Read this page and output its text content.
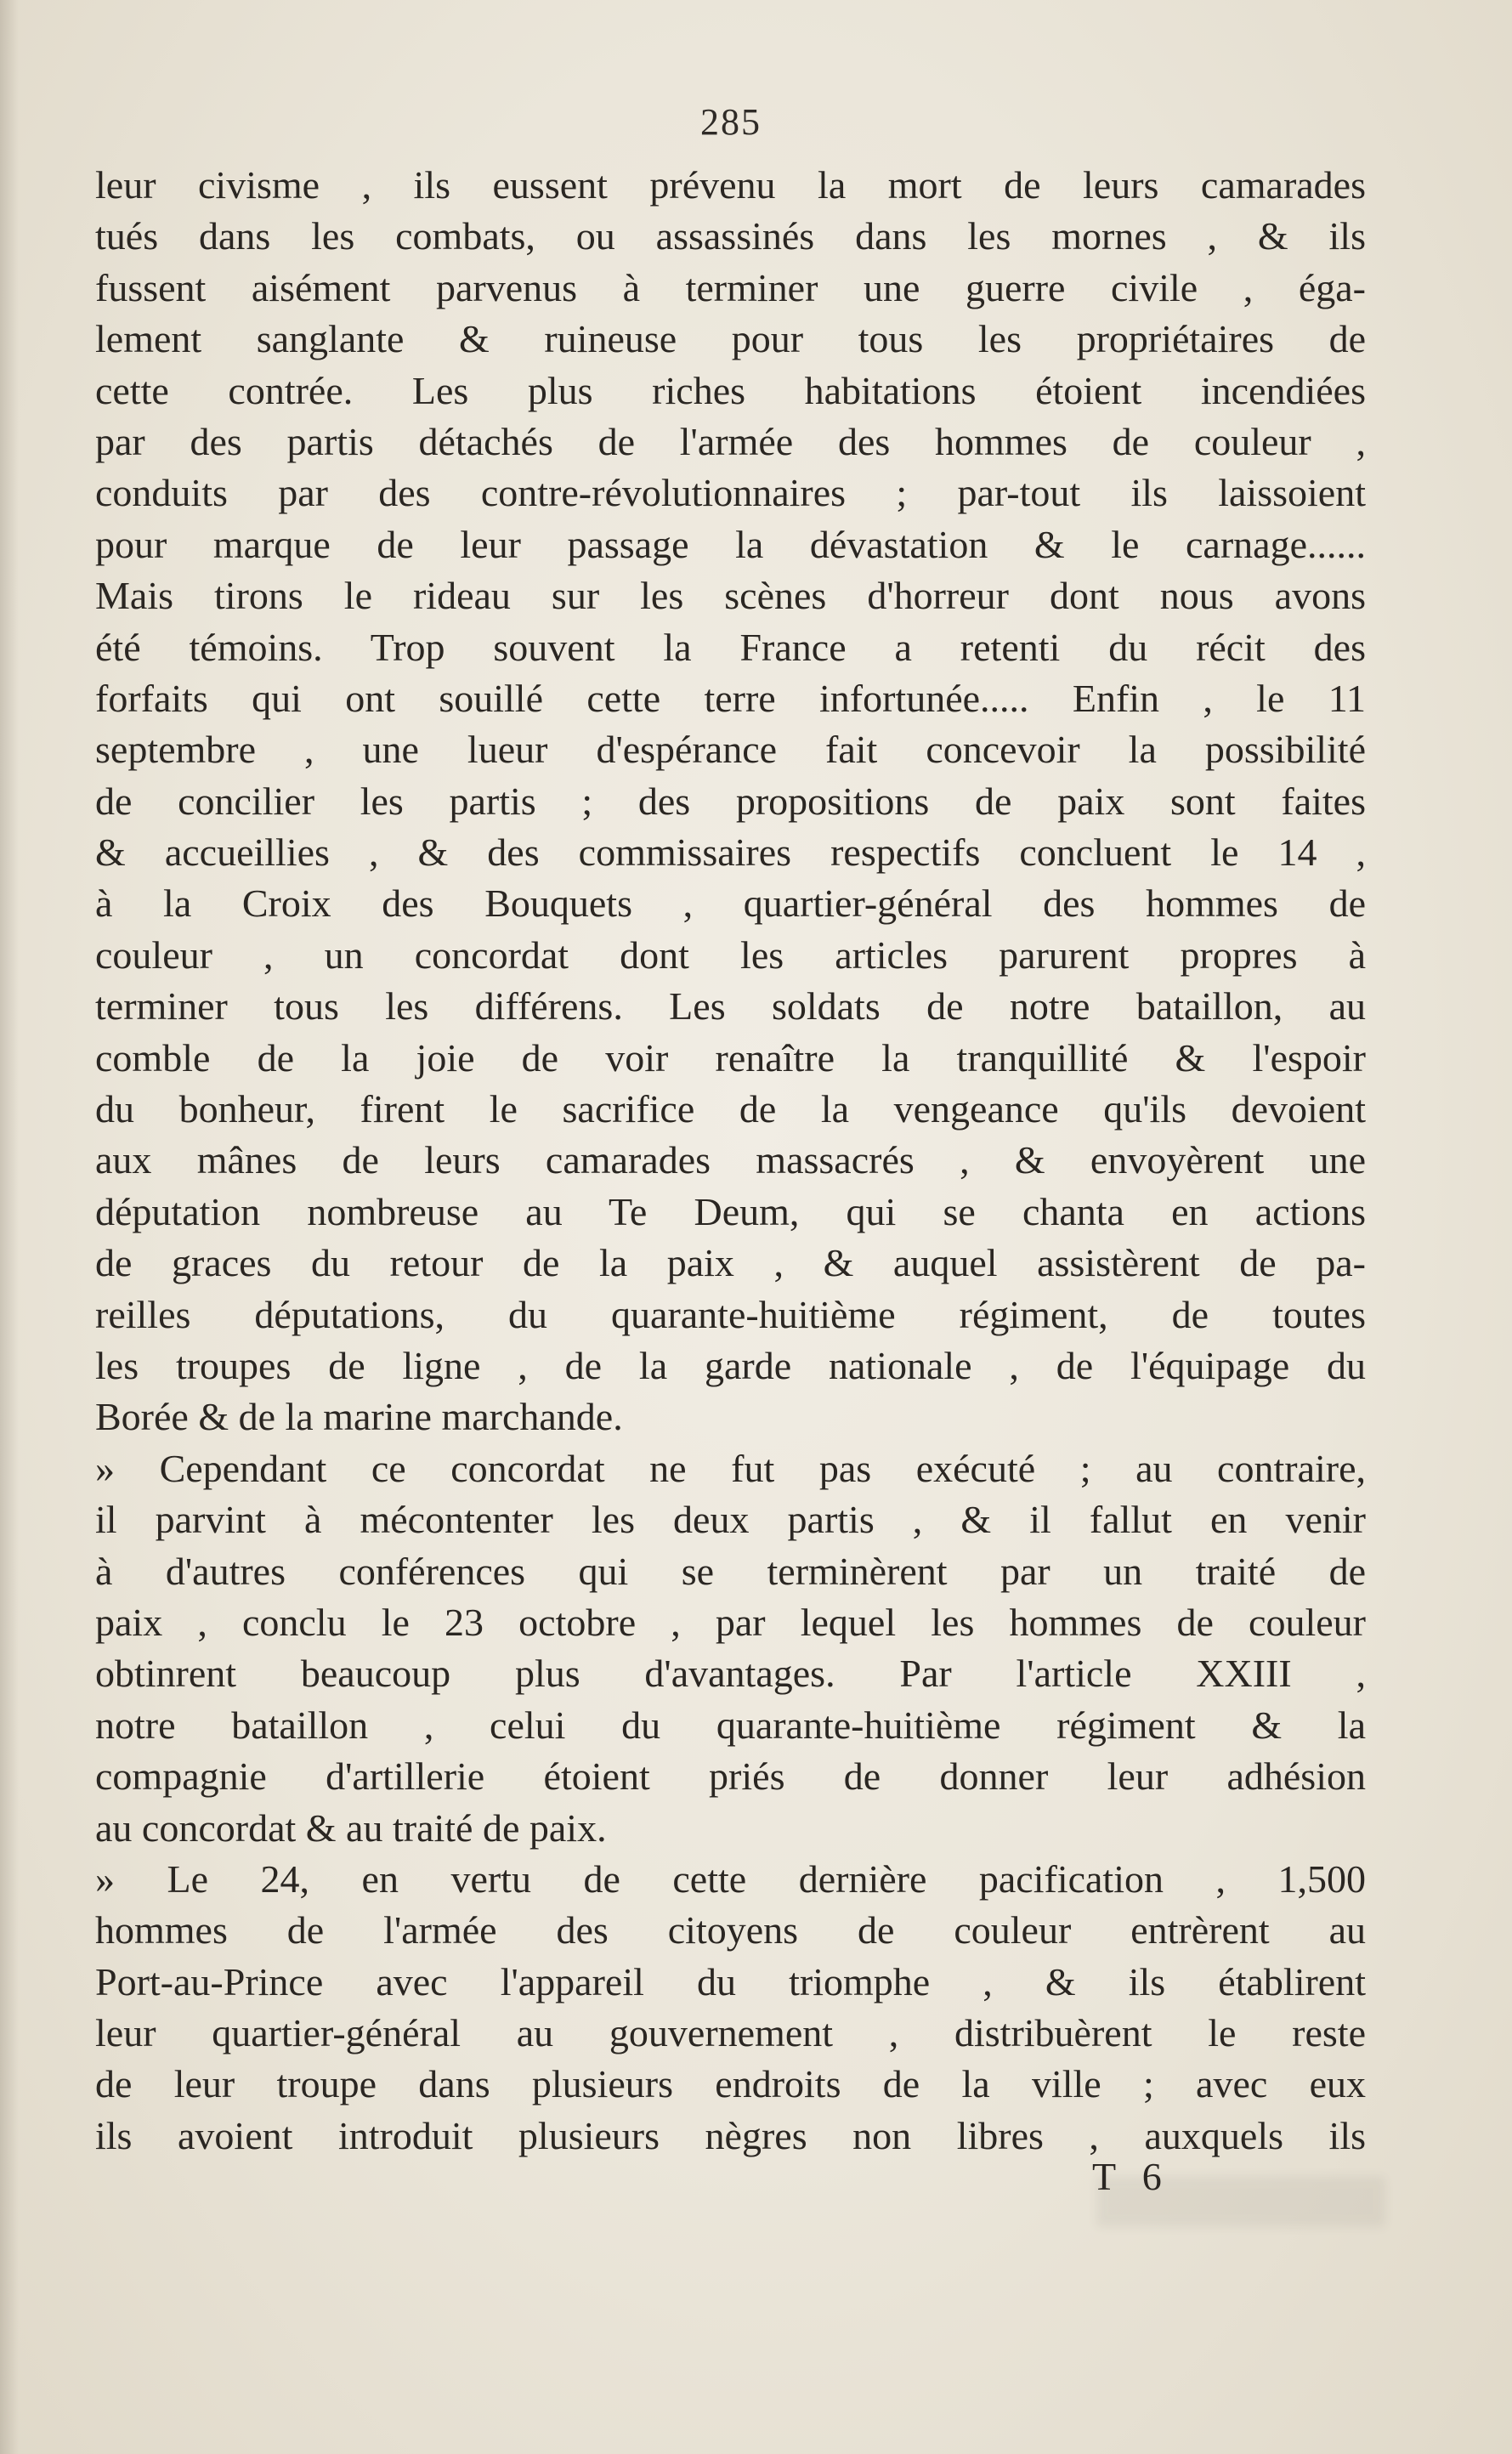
285
leur civisme , ils eussent prévenu la mort de leurs camarades
tués dans les combats, ou assassinés dans les mornes , & ils
fussent aisément parvenus à terminer une guerre civile , éga-
lement sanglante & ruineuse pour tous les propriétaires de
cette contrée. Les plus riches habitations étoient incendiées
par des partis détachés de l'armée des hommes de couleur ,
conduits par des contre-révolutionnaires ; par-tout ils laissoient
pour marque de leur passage la dévastation & le carnage......
Mais tirons le rideau sur les scènes d'horreur dont nous avons
été témoins. Trop souvent la France a retenti du récit des
forfaits qui ont souillé cette terre infortunée..... Enfin , le 11
septembre , une lueur d'espérance fait concevoir la possibilité
de concilier les partis ; des propositions de paix sont faites
& accueillies , & des commissaires respectifs concluent le 14 ,
à la Croix des Bouquets , quartier-général des hommes de
couleur , un concordat dont les articles parurent propres à
terminer tous les différens. Les soldats de notre bataillon, au
comble de la joie de voir renaître la tranquillité & l'espoir
du bonheur, firent le sacrifice de la vengeance qu'ils devoient
aux mânes de leurs camarades massacrés , & envoyèrent une
députation nombreuse au Te Deum, qui se chanta en actions
de graces du retour de la paix , & auquel assistèrent de pa-
reilles députations, du quarante-huitième régiment, de toutes
les troupes de ligne , de la garde nationale , de l'équipage du
Borée & de la marine marchande.
» Cependant ce concordat ne fut pas exécuté ; au contraire,
il parvint à mécontenter les deux partis , & il fallut en venir
à d'autres conférences qui se terminèrent par un traité de
paix , conclu le 23 octobre , par lequel les hommes de couleur
obtinrent beaucoup plus d'avantages. Par l'article XXIII ,
notre bataillon , celui du quarante-huitième régiment & la
compagnie d'artillerie étoient priés de donner leur adhésion
au concordat & au traité de paix.
» Le 24, en vertu de cette dernière pacification , 1,500
hommes de l'armée des citoyens de couleur entrèrent au
Port-au-Prince avec l'appareil du triomphe , & ils établirent
leur quartier-général au gouvernement , distribuèrent le reste
de leur troupe dans plusieurs endroits de la ville ; avec eux
ils avoient introduit plusieurs nègres non libres , auxquels ils
T 6
